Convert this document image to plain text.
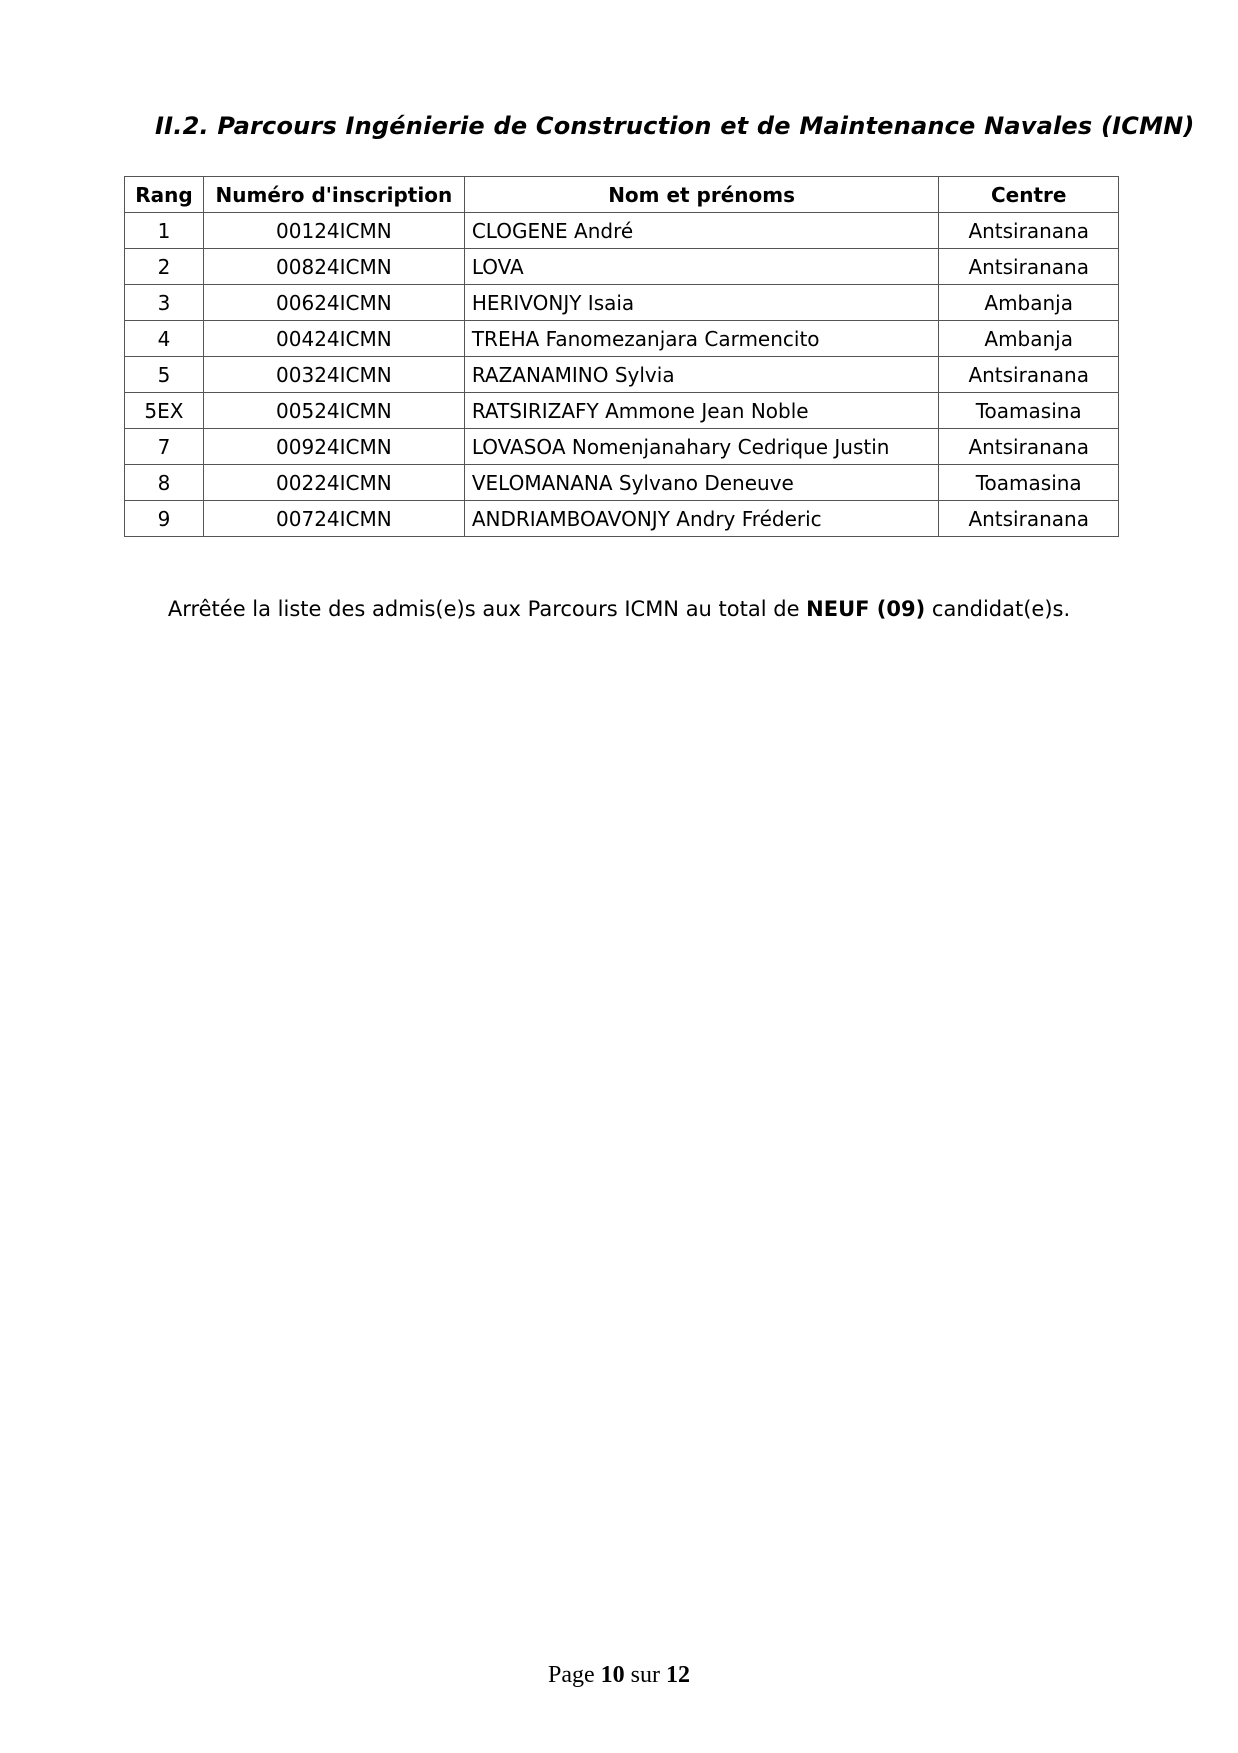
II.2. Parcours Ingénierie de Construction et de Maintenance Navales (ICMN)
Rang	Numéro d'inscription	Nom et prénoms	Centre
1	00124ICMN	CLOGENE André	Antsiranana
2	00824ICMN	LOVA	Antsiranana
3	00624ICMN	HERIVONJY Isaia	Ambanja
4	00424ICMN	TREHA Fanomezanjara Carmencito	Ambanja
5	00324ICMN	RAZANAMINO Sylvia	Antsiranana
5EX	00524ICMN	RATSIRIZAFY Ammone Jean Noble	Toamasina
7	00924ICMN	LOVASOA Nomenjanahary Cedrique Justin	Antsiranana
8	00224ICMN	VELOMANANA Sylvano Deneuve	Toamasina
9	00724ICMN	ANDRIAMBOAVONJY Andry Fréderic	Antsiranana

Arrêtée la liste des admis(e)s aux Parcours ICMN au total de NEUF (09) candidat(e)s.

Page 10 sur 12
